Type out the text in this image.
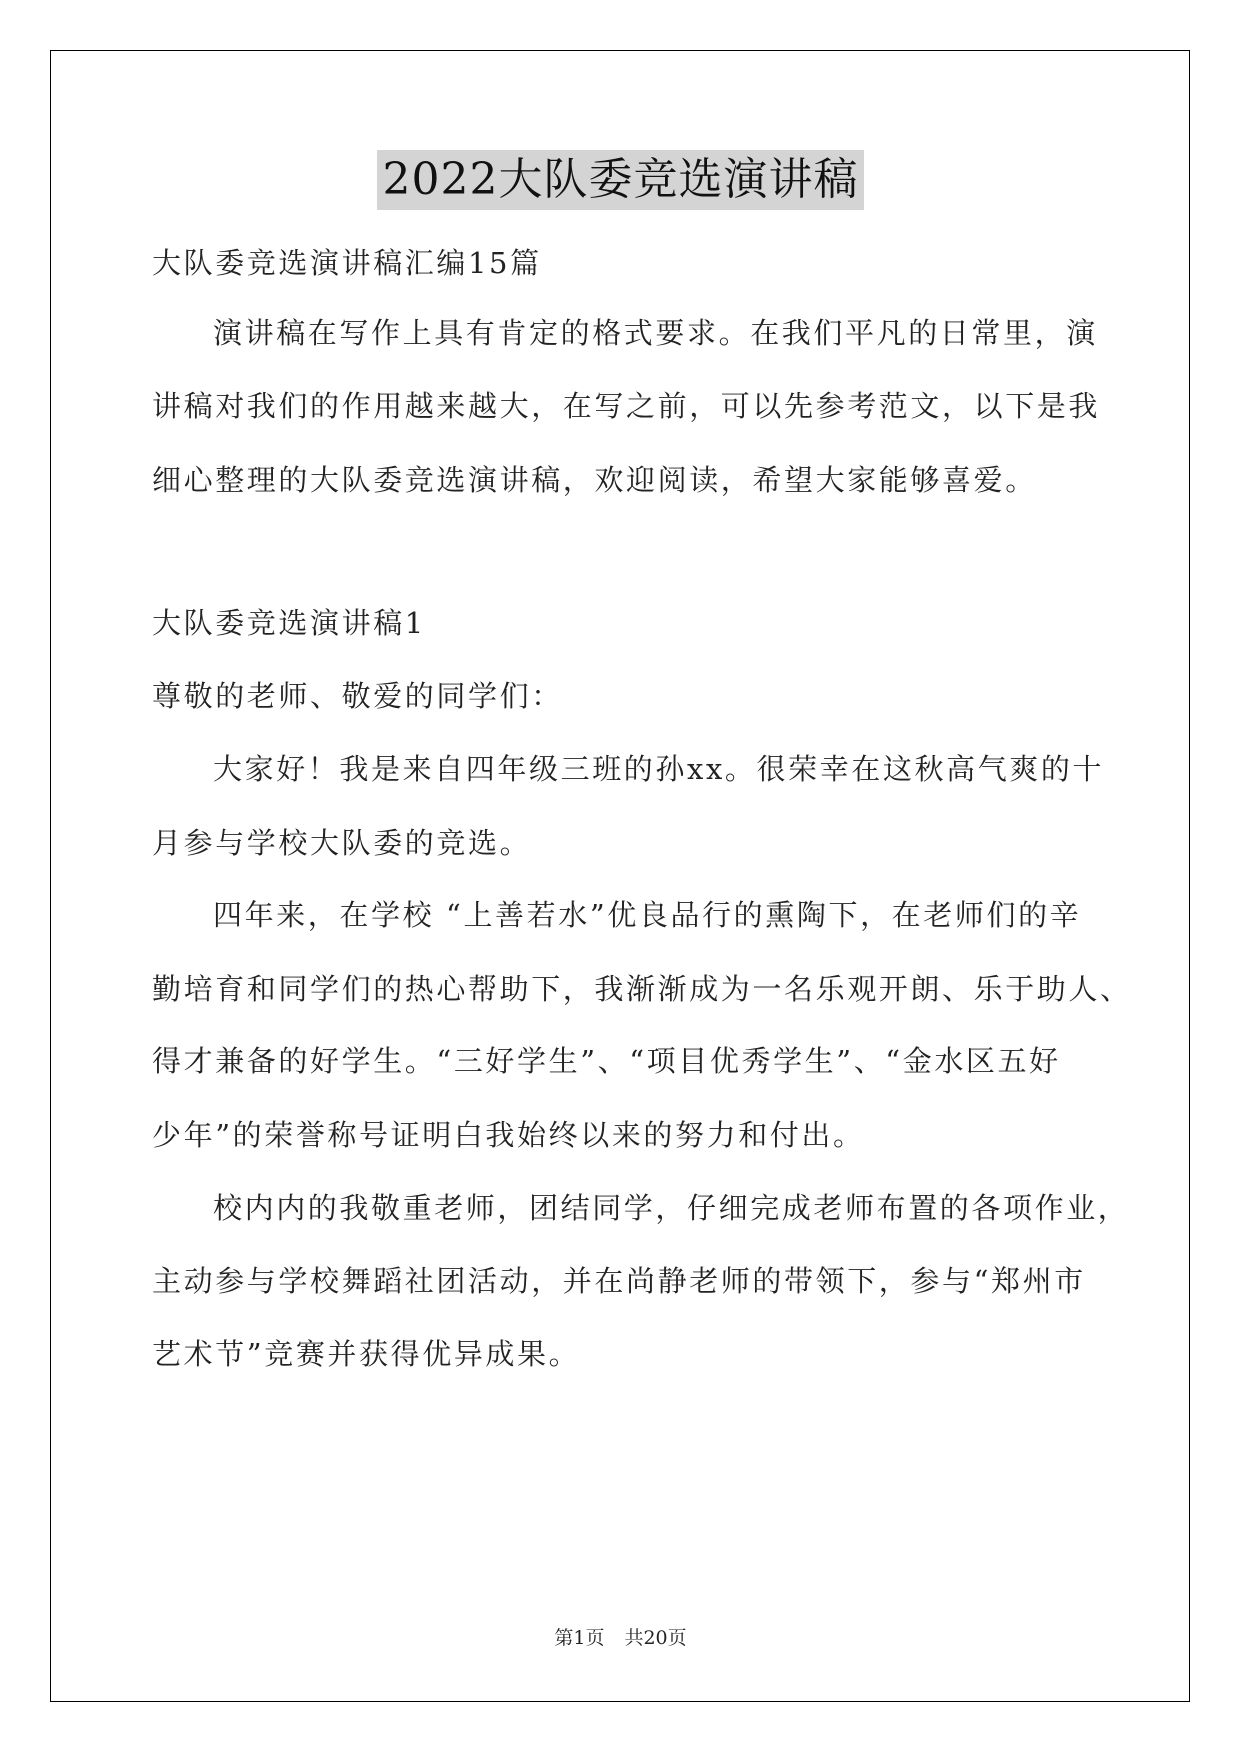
2022大队委竞选演讲稿
大队委竞选演讲稿汇编15篇
演讲稿在写作上具有肯定的格式要求。在我们平凡的日常里，演
讲稿对我们的作用越来越大，在写之前，可以先参考范文，以下是我
细心整理的大队委竞选演讲稿，欢迎阅读，希望大家能够喜爱。
大队委竞选演讲稿1
尊敬的老师、敬爱的同学们：
大家好！我是来自四年级三班的孙xx。很荣幸在这秋高气爽的十
月参与学校大队委的竞选。
四年来，在学校 “上善若水”优良品行的熏陶下，在老师们的辛
勤培育和同学们的热心帮助下，我渐渐成为一名乐观开朗、乐于助人、
得才兼备的好学生。“三好学生”、“项目优秀学生”、“金水区五好
少年”的荣誉称号证明白我始终以来的努力和付出。
校内内的我敬重老师，团结同学，仔细完成老师布置的各项作业，
主动参与学校舞蹈社团活动，并在尚静老师的带领下，参与“郑州市
艺术节”竞赛并获得优异成果。
第1页 共20页
